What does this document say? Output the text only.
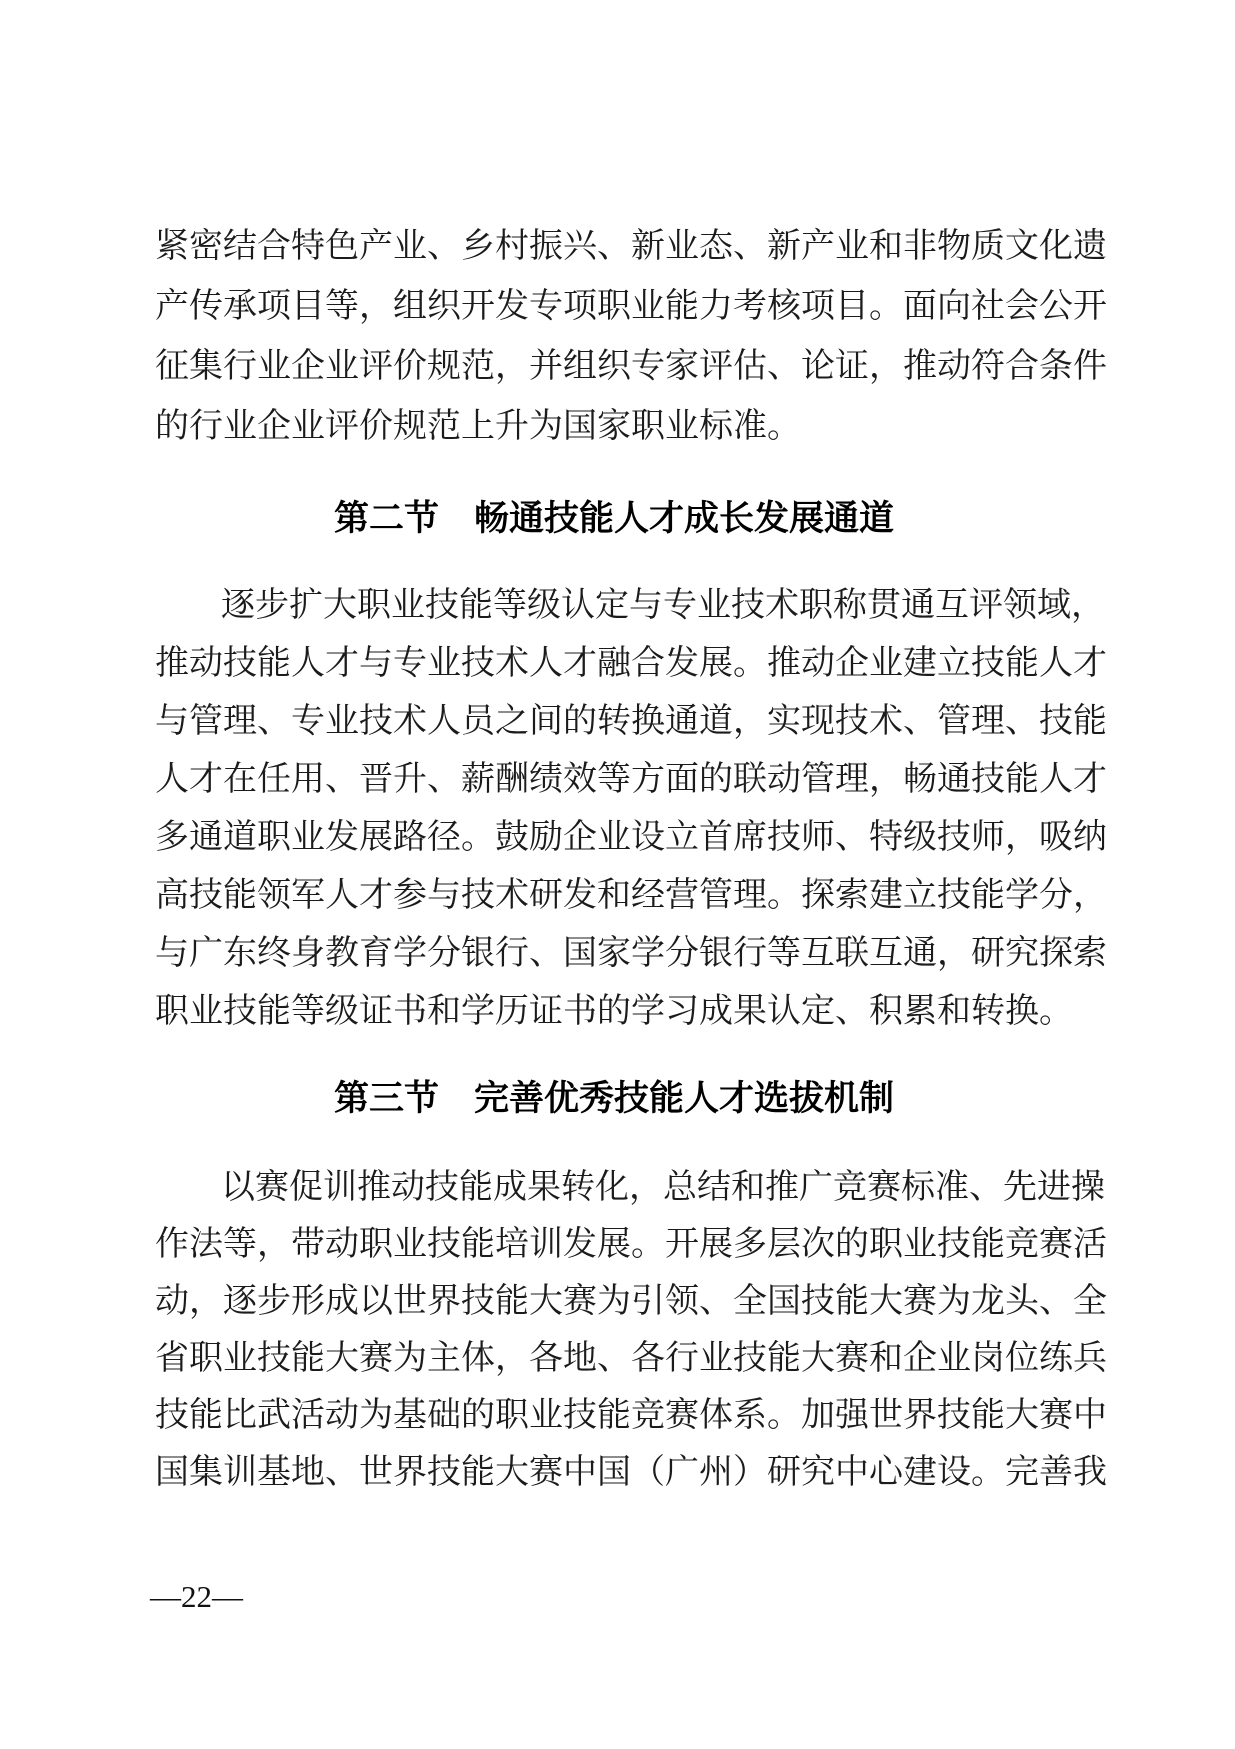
紧密结合特色产业、乡村振兴、新业态、新产业和非物质文化遗
产传承项目等，组织开发专项职业能力考核项目。面向社会公开
征集行业企业评价规范，并组织专家评估、论证，推动符合条件
的行业企业评价规范上升为国家职业标准。
第二节　畅通技能人才成长发展通道
逐步扩大职业技能等级认定与专业技术职称贯通互评领域，
推动技能人才与专业技术人才融合发展。推动企业建立技能人才
与管理、专业技术人员之间的转换通道，实现技术、管理、技能
人才在任用、晋升、薪酬绩效等方面的联动管理，畅通技能人才
多通道职业发展路径。鼓励企业设立首席技师、特级技师，吸纳
高技能领军人才参与技术研发和经营管理。探索建立技能学分，
与广东终身教育学分银行、国家学分银行等互联互通，研究探索
职业技能等级证书和学历证书的学习成果认定、积累和转换。
第三节　完善优秀技能人才选拔机制
以赛促训推动技能成果转化，总结和推广竞赛标准、先进操
作法等，带动职业技能培训发展。开展多层次的职业技能竞赛活
动，逐步形成以世界技能大赛为引领、全国技能大赛为龙头、全
省职业技能大赛为主体，各地、各行业技能大赛和企业岗位练兵
技能比武活动为基础的职业技能竞赛体系。加强世界技能大赛中
国集训基地、世界技能大赛中国（广州）研究中心建设。完善我
—22—
